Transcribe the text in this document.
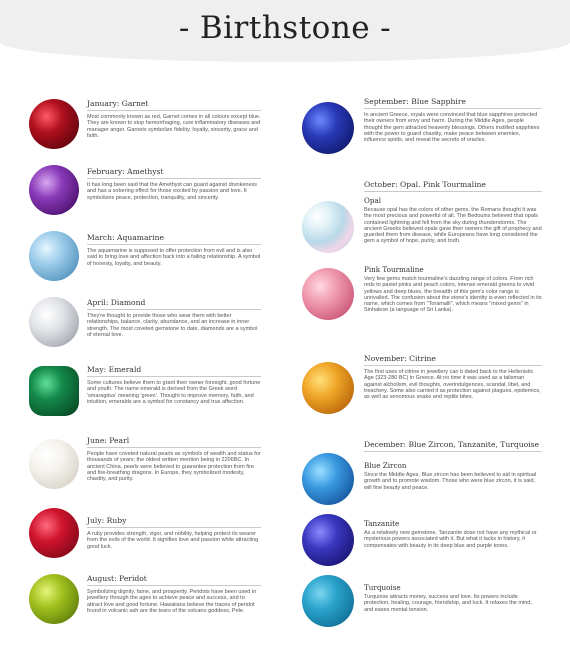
- Birthstone -
January: Garnet
Most commonly known as red, Garnet comes in all colours except blue. They are known to stop hemorrhaging, cure inflammatory diseases and manager anger. Garnets symbolize fidelity, loyalty, sincerity, grace and faith.
February: Amethyst
It has long been said that the Amethyst can guard against drunkeness and has a sobering effect for those excited by passion and love. It symbolizes peace, protection, tranquility, and sincerity.
March: Aquamarine
The aquamarine is supposed to offer protection from evil and is also said to bring love and affection back into a failing relationship. A symbol of honesty, loyalty, and beauty.
April: Diamond
They're thought to provide those who wear them with better relationships, balance, clarity, abundance, and an increase in inner strength. The most coveted gemstone to date, diamonds are a symbol of eternal love.
May: Emerald
Some cultures believe them to grant their owner foresight, good fortune and youth. The name emerald is derived from the Greek word 'smaragdus' meaning 'green'. Thought to improve memory, faith, and intuition, emeralds are a symbol for constancy and true affection.
June: Pearl
People have coveted natural pearls as symbols of wealth and status for thousands of years; the oldest written mention being in 2206BC. In ancient China, pearls were believed to guarantee protection from fire and fire-breathing dragons. In Europe, they symbolized modesty, chastity, and purity.
July: Ruby
A ruby provides strength, vigor, and nobility, helping protect its wearer from the evils of the world. It signifies love and passion while attracting good luck.
August: Peridot
Symbolizing dignity, fame, and prosperity. Peridots have been used in jewellery through the ages to achieve peace and success, and to attract love and good fortune. Hawaiians believe the traces of peridot found in volcanic ash are the tears of the volcano goddess, Pele.
September: Blue Sapphire
In ancient Greece, royals were convinced that blue sapphires protected their owners from envy and harm. During the Middle Ages, people thought the gem attracted heavenly blessings. Others instilled sapphires with the power to guard chastity, make peace between enemies, influence spirits, and reveal the secrets of oracles.
October: Opal. Pink Tourmaline
Opal
Because opal has the colors of other gems, the Romans thought it was the most precious and powerful of all. The Bedouins believed that opals contained lightning and fell from the sky during thunderstorms. The ancient Greeks believed opals gave their owners the gift of prophecy and guarded them from disease, while Europeans have long considered the gem a symbol of hope, purity, and truth.
Pink Tourmaline
Very few gems match tourmaline's dazzling range of colors. From rich reds to pastel pinks and peach colors, intense emerald greens to vivid yellows and deep blues, the breadth of this gem's color range is unrivalled. The confusion about the stone's identity is even reflected in its name, which comes from "Toramalli", which means "mixed gems" in Sinhalese (a language of Sri Lanka).
November: Citrine
The first uses of citrine in jewellery can b dated back to the Hellenistic Age (323-280 BC) in Greece. At no time it was used as a talisman against alcholism, evil thoughts, overindulgences, scandal, libel, and treachery. Some also carried it as protection against plagues, epidemics, as well as venomous snake and reptile bites.
December: Blue Zircon, Tanzanite, Turquoise
Blue Zircon
Since the Middle Ages, Blue zircon has been believed to aid in spiritual growth and to promote wisdom. Those who were blue zircon, it is said, will fine beauty and peace.
Tanzanite
As a relatively new gemstone, Tanzanite dose not have any mythical or mysterious powers associated with it. But what it lacks in history, it compensates with beauty in its deep blue and purple tones.
Turquoise
Turquoise attracts money, success and love. Its powers include protection, healing, courage, friendship, and luck. It relaxes the mind, and eases mental tension.
